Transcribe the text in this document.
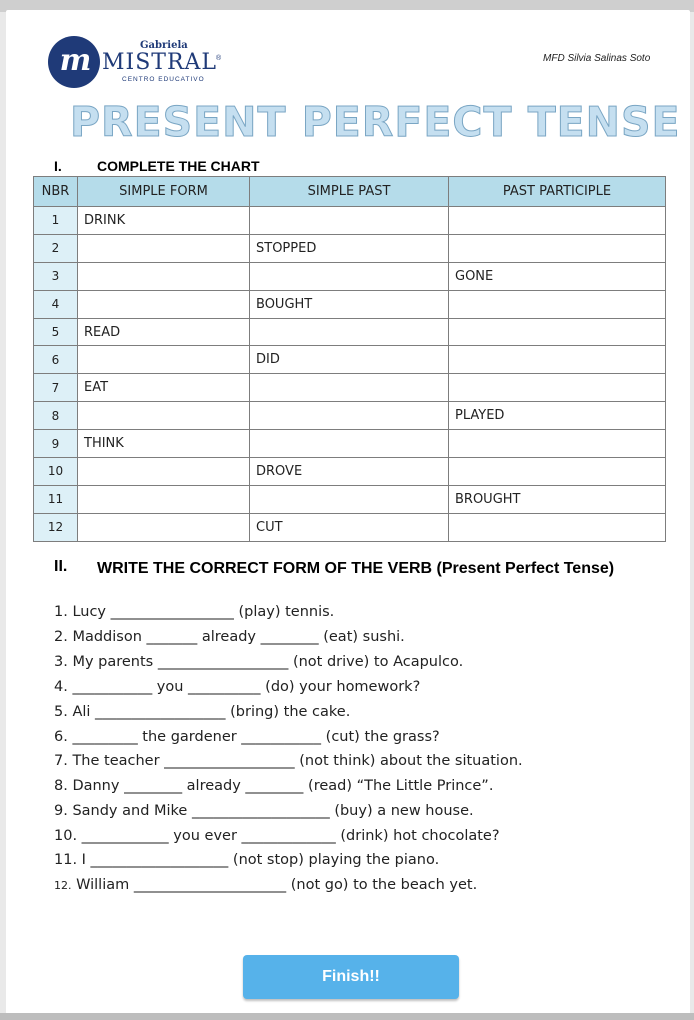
m	Gabriela
MISTRAL
®
CENTRO EDUCATIVO
MFD Silvia Salinas Soto
PRESENT PERFECT TENSE
I.	COMPLETE THE CHART
NBR	SIMPLE FORM	SIMPLE PAST	PAST PARTICIPLE
1	DRINK		
2		STOPPED	
3			GONE
4		BOUGHT	
5	READ		
6		DID	
7	EAT		
8			PLAYED
9	THINK		
10		DROVE	
11			BROUGHT
12		CUT	
II. WRITE THE CORRECT FORM OF THE VERB (Present Perfect Tense)
1. Lucy _________________ (play) tennis.
2. Maddison _______ already ________ (eat) sushi.
3. My parents __________________ (not drive) to Acapulco.
4. ___________ you __________ (do) your homework?
5. Ali __________________ (bring) the cake.
6. _________ the gardener ___________ (cut) the grass?
7. The teacher __________________ (not think) about the situation.
8. Danny ________ already ________ (read) “The Little Prince”.
9. Sandy and Mike ___________________ (buy) a new house.
10. ____________ you ever _____________ (drink) hot chocolate?
11. I ___________________ (not stop) playing the piano.
12. William _____________________ (not go) to the beach yet.
Finish!!
